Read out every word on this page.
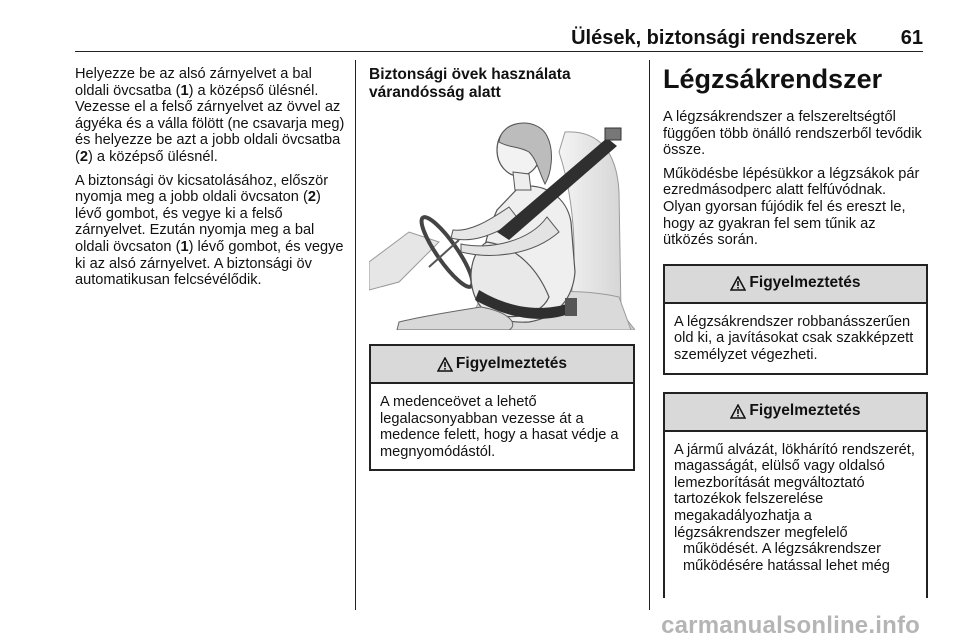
Ülések, biztonsági rendszerek 61

Helyezze be az alsó zárnyelvet a bal oldali övcsatba (1) a középső ülésnél. Vezesse el a felső zárnyelvet az övvel az ágyéka és a válla fölött (ne csavarja meg) és helyezze be azt a jobb oldali övcsatba (2) a középső ülésnél.

A biztonsági öv kicsatolásához, először nyomja meg a jobb oldali övcsaton (2) lévő gombot, és vegye ki a felső zárnyelvet. Ezután nyomja meg a bal oldali övcsaton (1) lévő gombot, és vegye ki az alsó zárnyelvet. A biztonsági öv automatikusan felcsévélődik.

Biztonsági övek használata várandósság alatt
Figyelmeztetés
A medenceövet a lehető legalacsonyabban vezesse át a medence felett, hogy a hasat védje a megnyomódástól.
Légzsákrendszer

A légzsákrendszer a felszereltségtől függően több önálló rendszerből tevődik össze.

Működésbe lépésükkor a légzsákok pár ezredmásodperc alatt felfúvódnak. Olyan gyorsan fújódik fel és ereszt le, hogy az gyakran fel sem tűnik az ütközés során.

Figyelmeztetés
A légzsákrendszer robbanásszerűen old ki, a javításokat csak szakképzett személyzet végezheti.
Figyelmeztetés
A jármű alvázát, lökhárító rendszerét, magasságát, elülső vagy oldalsó lemezborítását megváltoztató tartozékok felszerelése megakadályozhatja a
légzsákrendszer megfelelő működését. A légzsákrendszer működésére hatással lehet még
carmanualsonline.info
